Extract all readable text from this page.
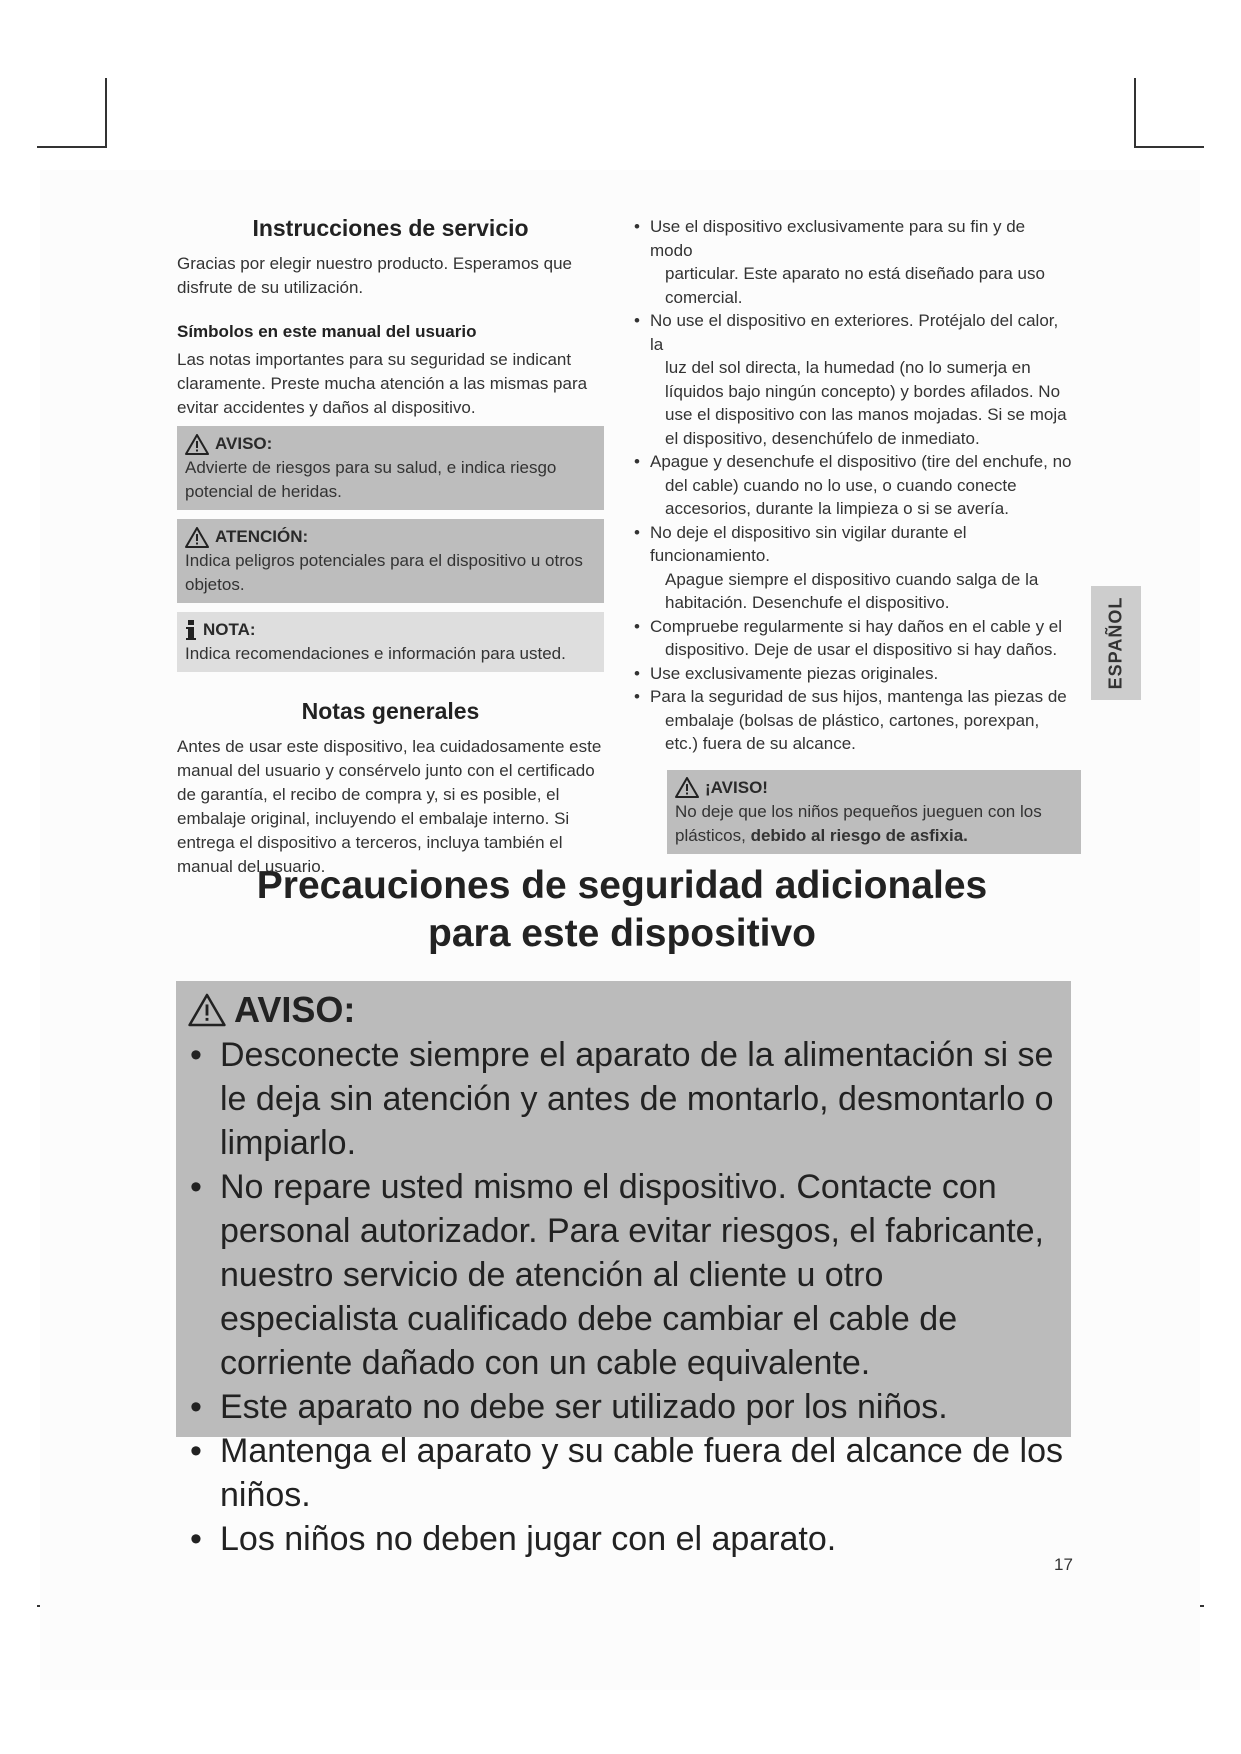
Instrucciones de servicio

Gracias por elegir nuestro producto. Esperamos que disfrute de su utilización.

Símbolos en este manual del usuario

Las notas importantes para su seguridad se indicant claramente. Preste mucha atención a las mismas para evitar accidentes y daños al dispositivo.

AVISO:
Advierte de riesgos para su salud, e indica riesgo potencial de heridas.
ATENCIÓN:
Indica peligros potenciales para el dispositivo u otros objetos.
NOTA:
Indica recomendaciones e información para usted.
Notas generales

Antes de usar este dispositivo, lea cuidadosamente este manual del usuario y consérvelo junto con el certificado de garantía, el recibo de compra y, si es posible, el embalaje original, incluyendo el embalaje interno. Si entrega el dispositivo a terceros, incluya también el manual del usuario.

• Use el dispositivo exclusivamente para su fin y de modo
particular. Este aparato no está diseñado para uso comercial.
• No use el dispositivo en exteriores. Protéjalo del calor, la
luz del sol directa, la humedad (no lo sumerja en líquidos bajo ningún concepto) y bordes afilados. No use el dispositivo con las manos mojadas. Si se moja el dispositivo, desenchúfelo de inmediato.
• Apague y desenchufe el dispositivo (tire del enchufe, no
del cable) cuando no lo use, o cuando conecte accesorios, durante la limpieza o si se avería.
• No deje el dispositivo sin vigilar durante el funcionamiento.
Apague siempre el dispositivo cuando salga de la habitación. Desenchufe el dispositivo.
• Compruebe regularmente si hay daños en el cable y el
dispositivo. Deje de usar el dispositivo si hay daños.
• Use exclusivamente piezas originales.
• Para la seguridad de sus hijos, mantenga las piezas de
embalaje (bolsas de plástico, cartones, porexpan, etc.) fuera de su alcance.
¡AVISO!
No deje que los niños pequeños jueguen con los plásticos, debido al riesgo de asfixia.
ESPAÑOL
Precauciones de seguridad adicionales
para este dispositivo
AVISO:
• Desconecte siempre el aparato de la alimentación si se le deja sin atención y antes de montarlo, desmontarlo o limpiarlo.
• No repare usted mismo el dispositivo. Contacte con personal autorizador. Para evitar riesgos, el fabricante, nuestro servicio de atención al cliente u otro especialista cualificado debe cambiar el cable de corriente dañado con un cable equivalente.
• Este aparato no debe ser utilizado por los niños.
• Mantenga el aparato y su cable fuera del alcance de los niños.
• Los niños no deben jugar con el aparato.
17
